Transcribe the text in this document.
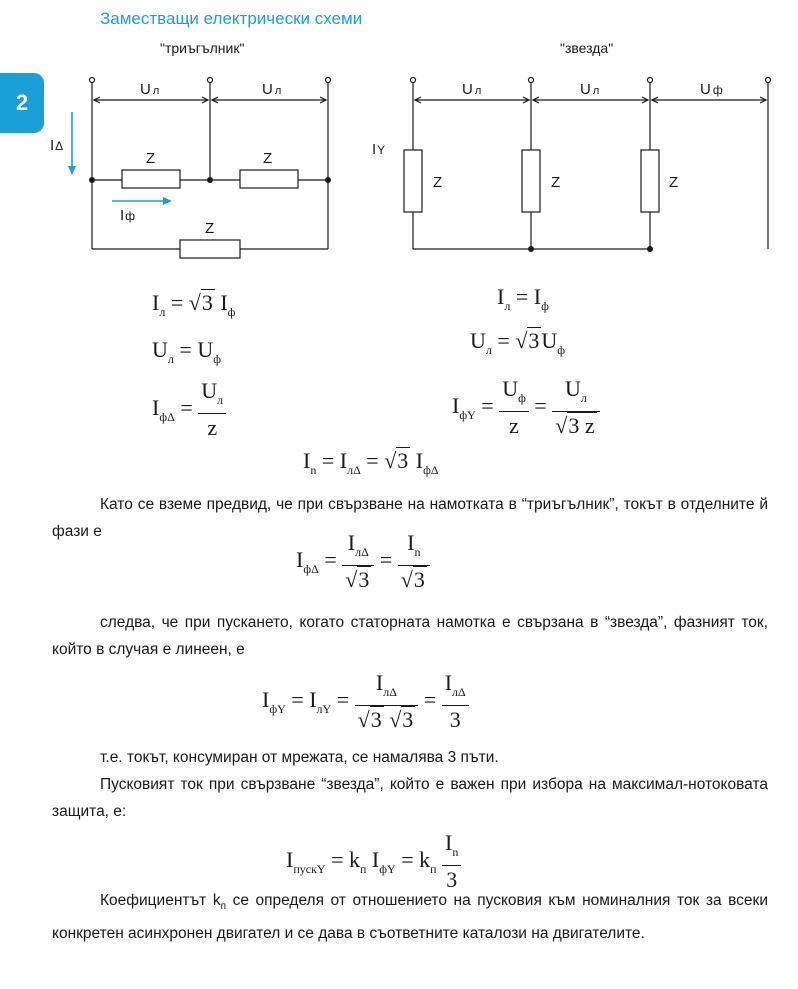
2
Заместващи електрически схеми
"триъгълник"	"звезда"
U л	U л
Z	Z
Z
IΔ
Iф
U л	U л	U ф
Z	Z	Z
IY
$I_л = √3$ $I_ф$
$U_л = U_ф$
$I_{ф\Delta} = \frac{U_л}{z}$
$I_л = I_ф$
$U_л = √3U_ф$
$I_{фY} = \frac{U_ф}{z} = \frac{U_л}{√3 z}$
$I_n = I_{л\Delta} = √3$ $I_{ф\Delta}$
Като се вземе предвид, че при свързване на намотката в “триъгълник”, токът в отделните й фази е
$I_{ф\Delta} = \frac{I_{л\Delta}}{√3} = \frac{I_n}{√3}$
следва, че при пускането, когато статорната намотка е свързана в “звезда”, фазният ток, който в случая е линеен, е
$I_{фY} = I_{лY} = \frac{I_{л\Delta}}{√3 √3} = \frac{I_{л\Delta}}{3}$
т.е. токът, консумиран от мрежата, се намалява 3 пъти.
Пусковият ток при свързване “звезда”, който е важен при избора на максимал-нотоковата защита, е:
$I_{пускY} = k_п$ $I_{фY} = k_п \frac{I_n}{3}$
Коефициентът $k_п$ се определя от отношението на пусковия към номиналния ток за всеки конкретен асинхронен двигател и се дава в съответните каталози на двигателите.
